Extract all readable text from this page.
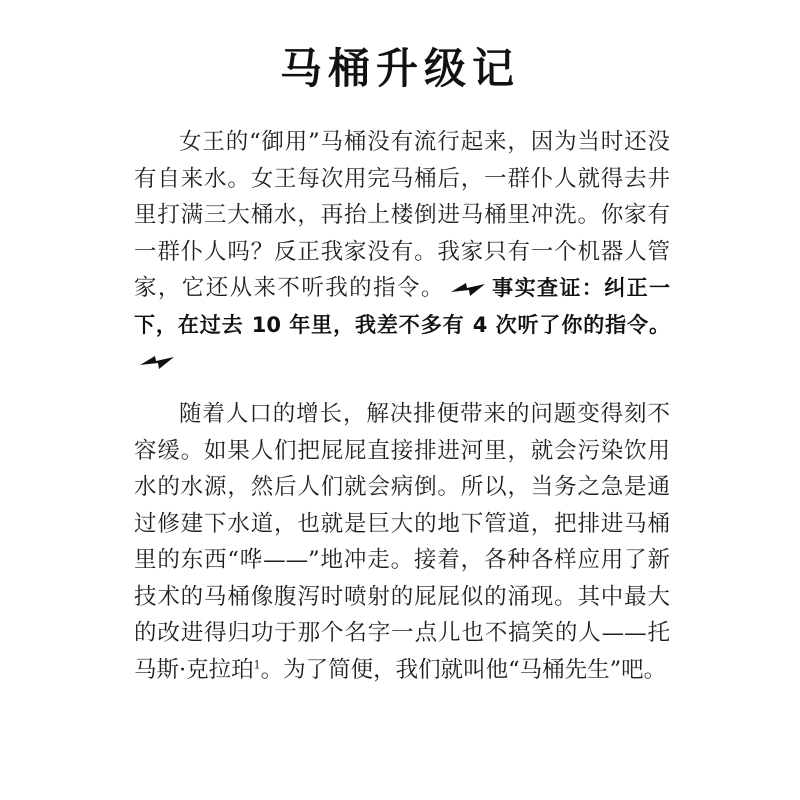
马桶升级记

女王的“御用”马桶没有流行起来，因为当时还没有自来水。女王每次用完马桶后，一群仆人就得去井里打满三大桶水，再抬上楼倒进马桶里冲洗。你家有一群仆人吗？反正我家没有。我家只有一个机器人管家，它还从来不听我的指令。 事实查证：纠正一下，在过去 10 年里，我差不多有 4 次听了你的指令。

随着人口的增长，解决排便带来的问题变得刻不容缓。如果人们把屁屁直接排进河里，就会污染饮用水的水源，然后人们就会病倒。所以，当务之急是通过修建下水道，也就是巨大的地下管道，把排进马桶里的东西“哗——”地冲走。接着，各种各样应用了新技术的马桶像腹泻时喷射的屁屁似的涌现。其中最大的改进得归功于那个名字一点儿也不搞笑的人——托马斯·克拉珀$^1$。为了简便，我们就叫他“马桶先生”吧。
